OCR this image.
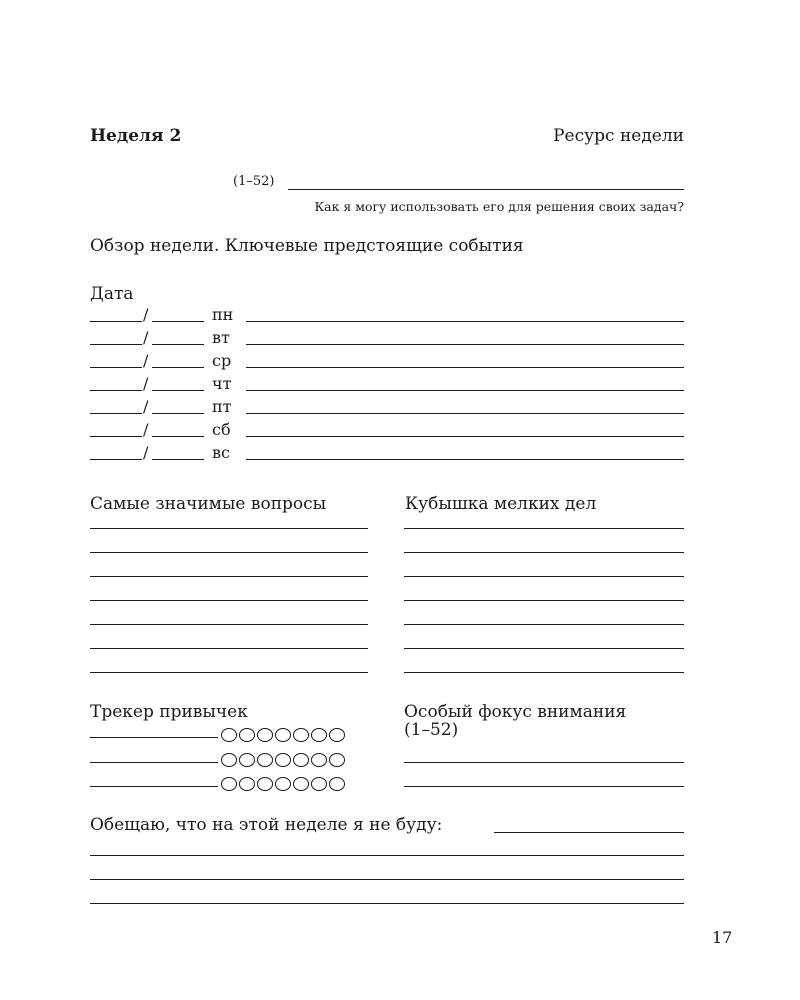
Неделя 2	Ресурс недели
(1–52)
Как я могу использовать его для решения своих задач?
Обзор недели. Ключевые предстоящие события
Дата
/	пн
/	вт
/	ср
/	чт
/	пт
/	сб
/	вс
Самые значимые вопросы	Кубышка мелких дел
Трекер привычек	Особый фокус внимания
(1–52)
Обещаю, что на этой неделе я не буду:
17
